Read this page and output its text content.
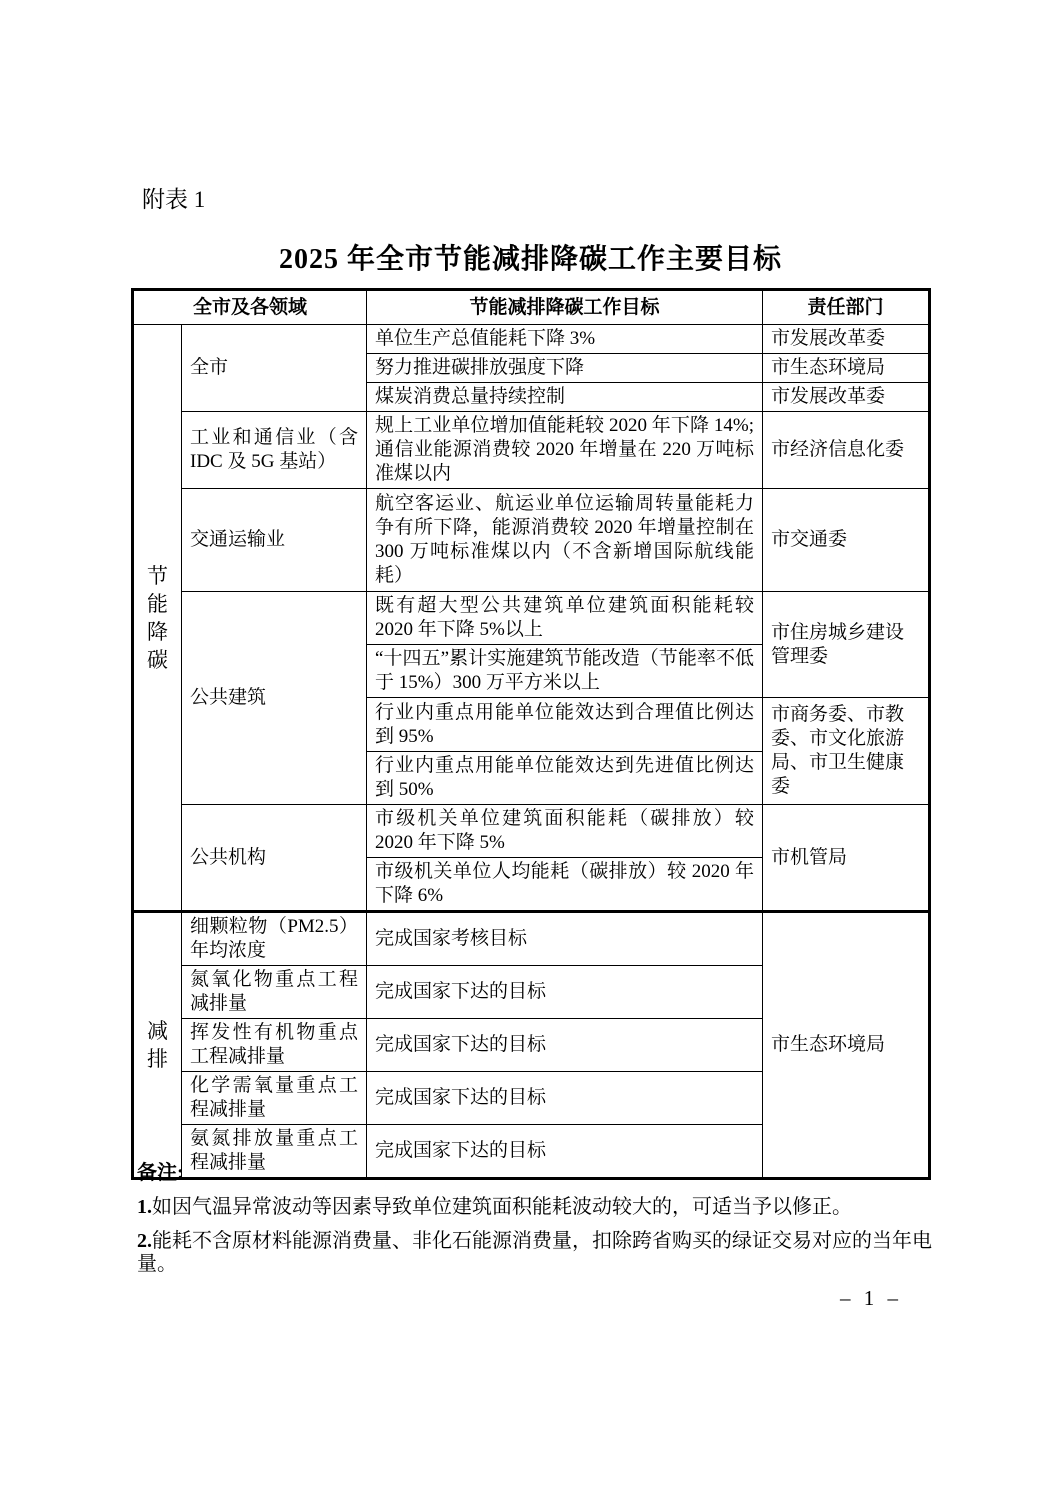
附表 1
2025 年全市节能减排降碳工作主要目标
全市及各领域		节能减排降碳工作目标	责任部门
节能降碳	全市	单位生产总值能耗下降 3%	市发展改革委
		努力推进碳排放强度下降	市生态环境局
		煤炭消费总量持续控制	市发展改革委
	工业和通信业（含 IDC 及 5G 基站）	规上工业单位增加值能耗较 2020 年下降 14%; 通信业能源消费较 2020 年增量在 220 万吨标准煤以内	市经济信息化委
	交通运输业	航空客运业、航运业单位运输周转量能耗力争有所下降，能源消费较 2020 年增量控制在 300 万吨标准煤以内（不含新增国际航线能耗）	市交通委
	公共建筑	既有超大型公共建筑单位建筑面积能耗较 2020 年下降 5%以上	市住房城乡建设管理委
		“十四五”累计实施建筑节能改造（节能率不低于 15%）300 万平方米以上	
		行业内重点用能单位能效达到合理值比例达到 95%	市商务委、市教委、市文化旅游局、市卫生健康委
		行业内重点用能单位能效达到先进值比例达到 50%	
	公共机构	市级机关单位建筑面积能耗（碳排放）较 2020 年下降 5%	市机管局
		市级机关单位人均能耗（碳排放）较 2020 年下降 6%	
减排	细颗粒物（PM2.5）年均浓度	完成国家考核目标	市生态环境局
	氮氧化物重点工程减排量	完成国家下达的目标	
	挥发性有机物重点工程减排量	完成国家下达的目标	
	化学需氧量重点工程减排量	完成国家下达的目标	
	氨氮排放量重点工程减排量	完成国家下达的目标	
备注:
1.如因气温异常波动等因素导致单位建筑面积能耗波动较大的，可适当予以修正。
2.能耗不含原材料能源消费量、非化石能源消费量，扣除跨省购买的绿证交易对应的当年电量。
– 1 –
